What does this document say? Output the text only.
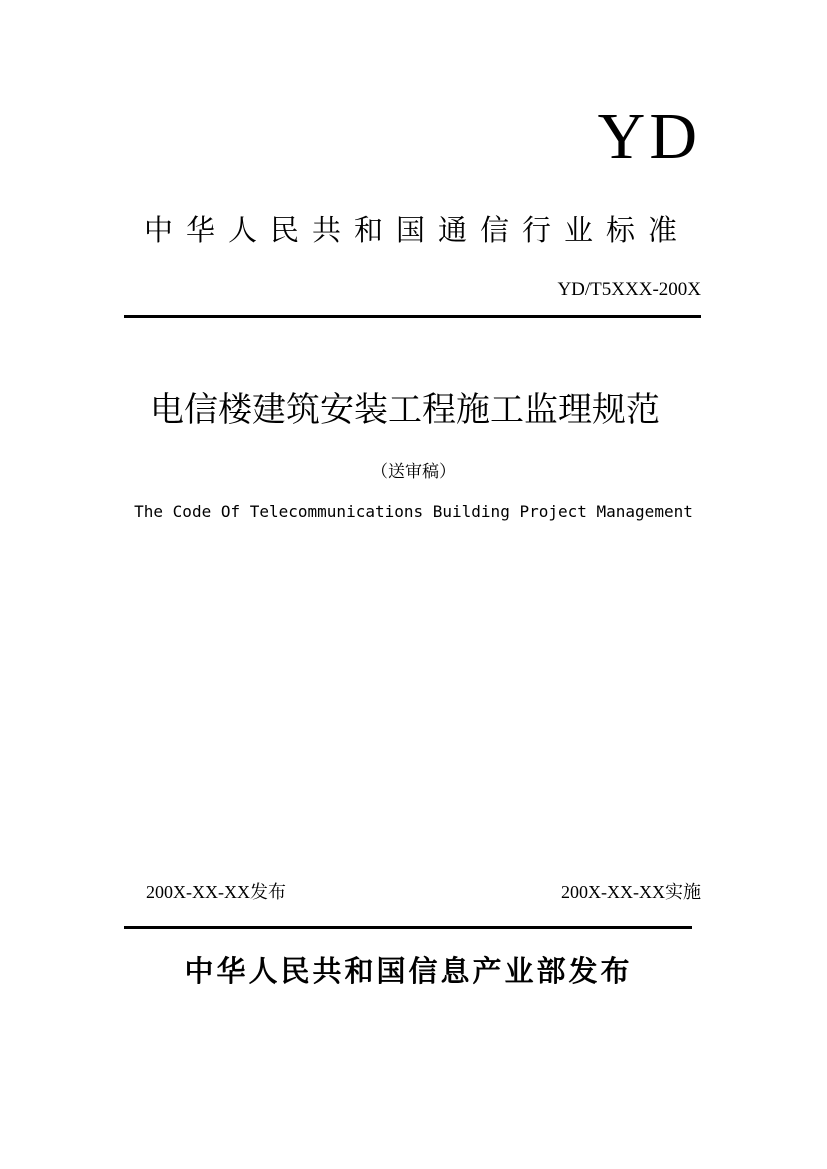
YD
中华人民共和国通信行业标准
YD/T5XXX-200X
电信楼建筑安装工程施工监理规范
（送审稿）
The Code Of Telecommunications Building Project Management
200X-XX-XX发布	200X-XX-XX实施
中华人民共和国信息产业部发布
